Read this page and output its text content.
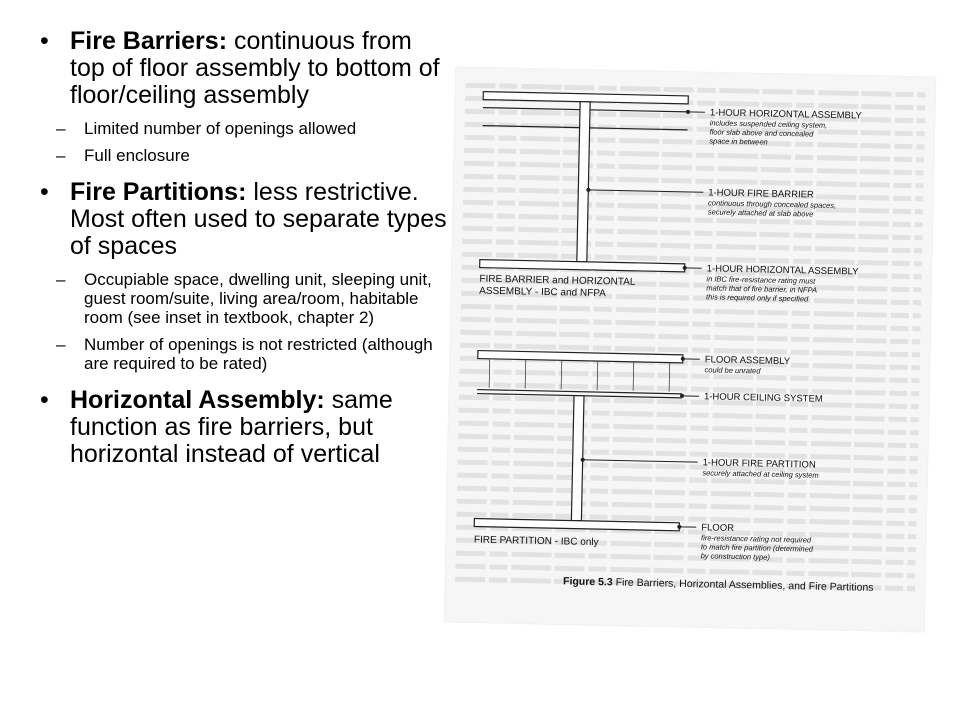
• Fire Barriers: continuous from top of floor assembly to bottom of floor/ceiling assembly
– Limited number of openings allowed
– Full enclosure
• Fire Partitions: less restrictive. Most often used to separate types of spaces
– Occupiable space, dwelling unit, sleeping unit, guest room/suite, living area/room, habitable room (see inset in textbook, chapter 2)
– Number of openings is not restricted (although are required to be rated)
• Horizontal Assembly: same function as fire barriers, but horizontal instead of vertical
1-HOUR HORIZONTAL ASSEMBLY
includes suspended ceiling system,
floor slab above and concealed
space in between
1-HOUR FIRE BARRIER
continuous through concealed spaces,
securely attached at slab above
1-HOUR HORIZONTAL ASSEMBLY
in IBC fire-resistance rating must
match that of fire barrier, in NFPA
this is required only if specified
FLOOR ASSEMBLY
could be unrated
1-HOUR CEILING SYSTEM
1-HOUR FIRE PARTITION
securely attached at ceiling system
FLOOR
fire-resistance rating not required
to match fire partition (determined
by construction type)
FIRE BARRIER and HORIZONTAL
ASSEMBLY - IBC and NFPA
FIRE PARTITION - IBC only
Figure 5.3 Fire Barriers, Horizontal Assemblies, and Fire Partitions
